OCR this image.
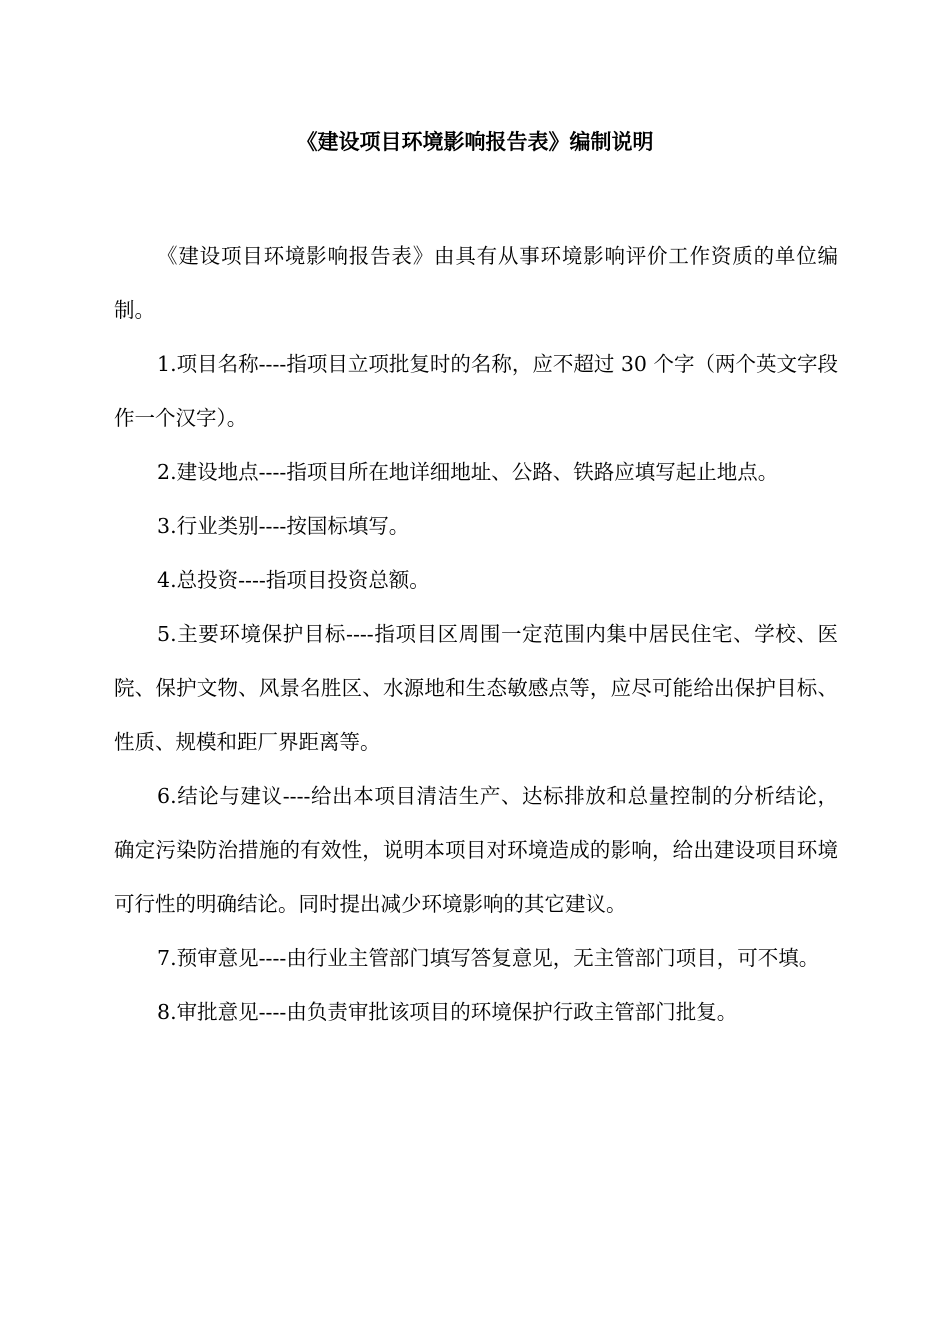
《建设项目环境影响报告表》编制说明

《建设项目环境影响报告表》由具有从事环境影响评价工作资质的单位编制。

1.项目名称----指项目立项批复时的名称，应不超过 30 个字（两个英文字段作一个汉字）。

2.建设地点----指项目所在地详细地址、公路、铁路应填写起止地点。

3.行业类别----按国标填写。

4.总投资----指项目投资总额。

5.主要环境保护目标----指项目区周围一定范围内集中居民住宅、学校、医院、保护文物、风景名胜区、水源地和生态敏感点等，应尽可能给出保护目标、性质、规模和距厂界距离等。

6.结论与建议----给出本项目清洁生产、达标排放和总量控制的分析结论，确定污染防治措施的有效性，说明本项目对环境造成的影响，给出建设项目环境可行性的明确结论。同时提出减少环境影响的其它建议。

7.预审意见----由行业主管部门填写答复意见，无主管部门项目，可不填。

8.审批意见----由负责审批该项目的环境保护行政主管部门批复。
